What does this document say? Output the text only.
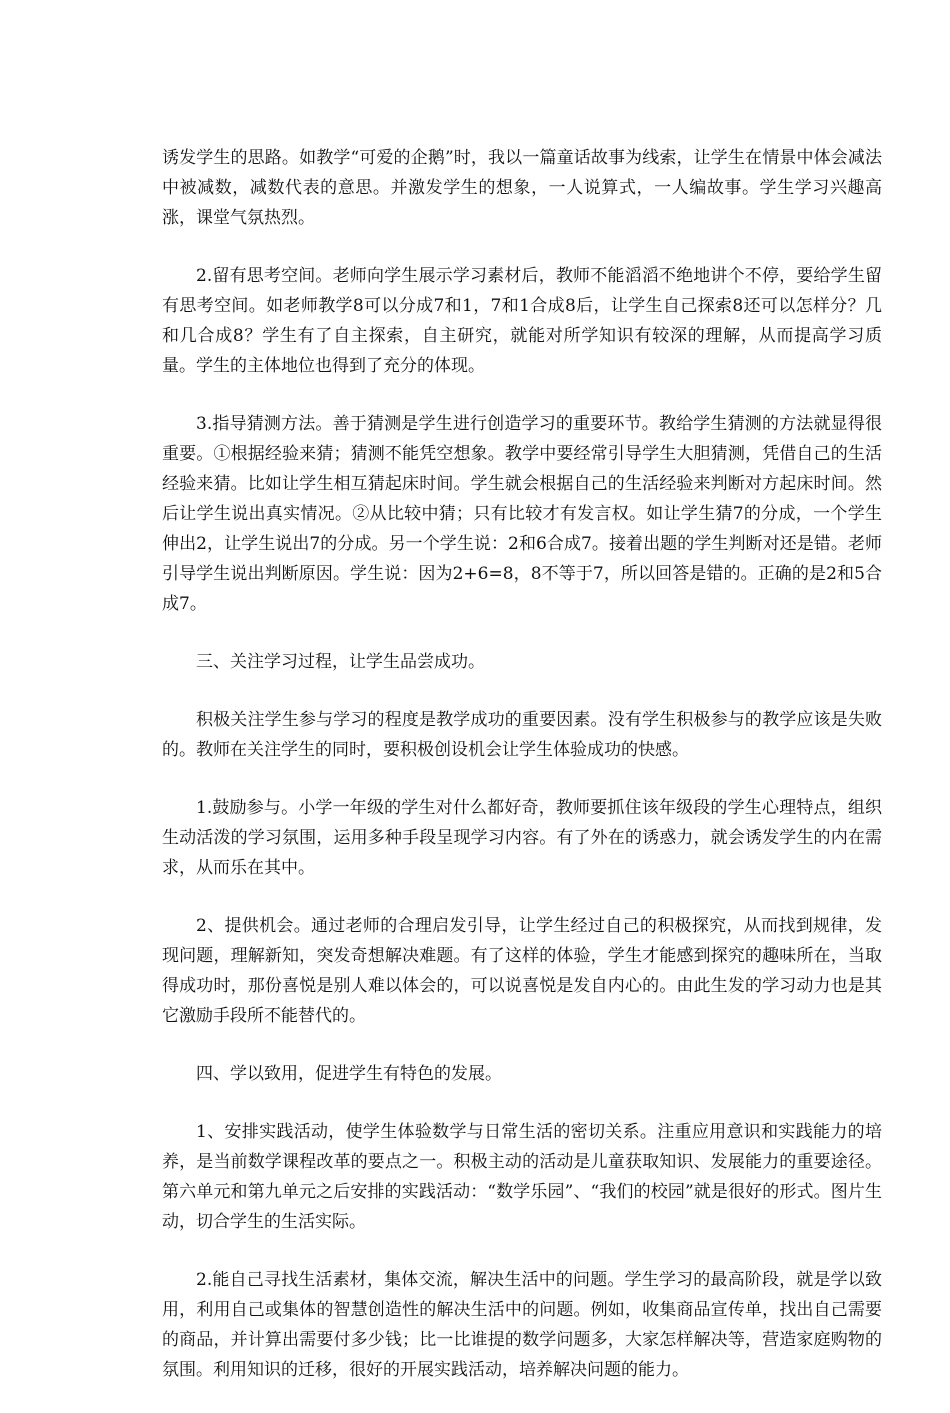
诱发学生的思路。如教学“可爱的企鹅”时，我以一篇童话故事为线索，让学生在情景中体会减法中被减数，减数代表的意思。并激发学生的想象，一人说算式，一人编故事。学生学习兴趣高涨，课堂气氛热烈。

2.留有思考空间。老师向学生展示学习素材后，教师不能滔滔不绝地讲个不停，要给学生留有思考空间。如老师教学8可以分成7和1，7和1合成8后，让学生自己探索8还可以怎样分？几和几合成8？学生有了自主探索，自主研究，就能对所学知识有较深的理解，从而提高学习质量。学生的主体地位也得到了充分的体现。

3.指导猜测方法。善于猜测是学生进行创造学习的重要环节。教给学生猜测的方法就显得很重要。①根据经验来猜；猜测不能凭空想象。教学中要经常引导学生大胆猜测，凭借自己的生活经验来猜。比如让学生相互猜起床时间。学生就会根据自己的生活经验来判断对方起床时间。然后让学生说出真实情况。②从比较中猜；只有比较才有发言权。如让学生猜7的分成，一个学生伸出2，让学生说出7的分成。另一个学生说：2和6合成7。接着出题的学生判断对还是错。老师引导学生说出判断原因。学生说：因为2+6=8，8不等于7，所以回答是错的。正确的是2和5合成7。

三、关注学习过程，让学生品尝成功。

积极关注学生参与学习的程度是教学成功的重要因素。没有学生积极参与的教学应该是失败的。教师在关注学生的同时，要积极创设机会让学生体验成功的快感。

1.鼓励参与。小学一年级的学生对什么都好奇，教师要抓住该年级段的学生心理特点，组织生动活泼的学习氛围，运用多种手段呈现学习内容。有了外在的诱惑力，就会诱发学生的内在需求，从而乐在其中。

2、提供机会。通过老师的合理启发引导，让学生经过自己的积极探究，从而找到规律，发现问题，理解新知，突发奇想解决难题。有了这样的体验，学生才能感到探究的趣味所在，当取得成功时，那份喜悦是别人难以体会的，可以说喜悦是发自内心的。由此生发的学习动力也是其它激励手段所不能替代的。

四、学以致用，促进学生有特色的发展。

1、安排实践活动，使学生体验数学与日常生活的密切关系。注重应用意识和实践能力的培养，是当前数学课程改革的要点之一。积极主动的活动是儿童获取知识、发展能力的重要途径。第六单元和第九单元之后安排的实践活动：“数学乐园”、“我们的校园”就是很好的形式。图片生动，切合学生的生活实际。

2.能自己寻找生活素材，集体交流，解决生活中的问题。学生学习的最高阶段，就是学以致用，利用自己或集体的智慧创造性的解决生活中的问题。例如，收集商品宣传单，找出自己需要的商品，并计算出需要付多少钱；比一比谁提的数学问题多，大家怎样解决等，营造家庭购物的氛围。利用知识的迁移，很好的开展实践活动，培养解决问题的能力。
